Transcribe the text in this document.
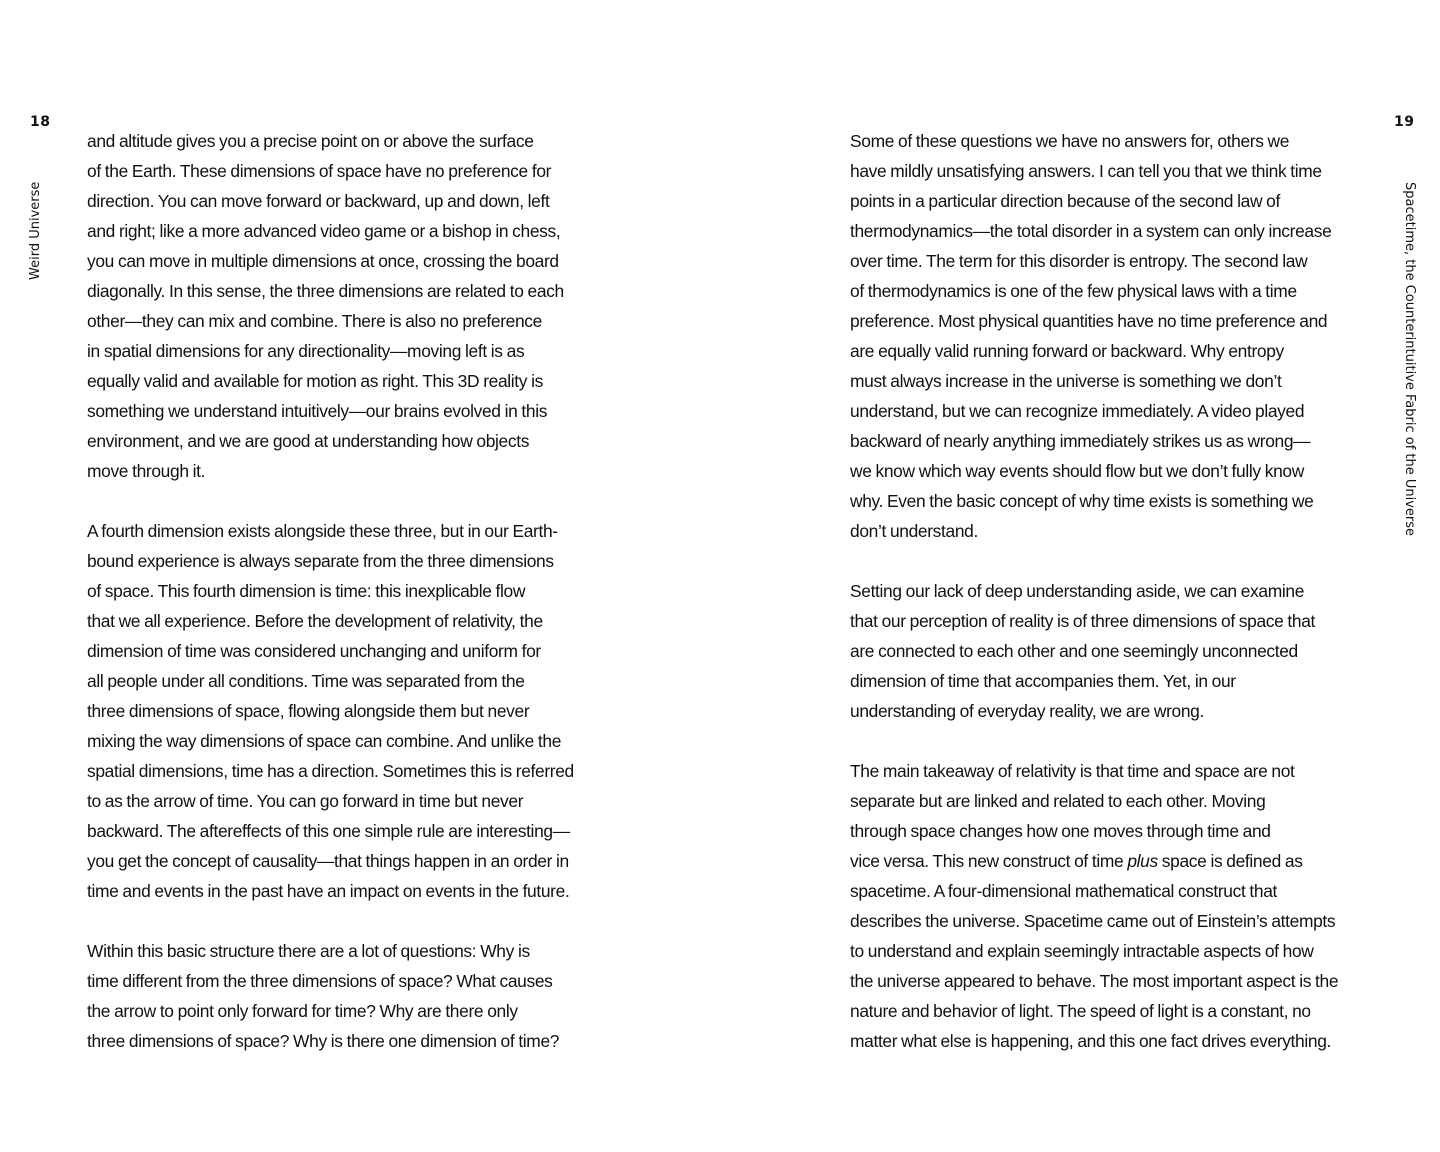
18
Weird Universe

and altitude gives you a precise point on or above the surface
of the Earth. These dimensions of space have no preference for
direction. You can move forward or backward, up and down, left
and right; like a more advanced video game or a bishop in chess,
you can move in multiple dimensions at once, crossing the board
diagonally. In this sense, the three dimensions are related to each
other—they can mix and combine. There is also no preference
in spatial dimensions for any directionality—moving left is as
equally valid and available for motion as right. This 3D reality is
something we understand intuitively—our brains evolved in this
environment, and we are good at understanding how objects
move through it.

A fourth dimension exists alongside these three, but in our Earth-
bound experience is always separate from the three dimensions
of space. This fourth dimension is time: this inexplicable flow
that we all experience. Before the development of relativity, the
dimension of time was considered unchanging and uniform for
all people under all conditions. Time was separated from the
three dimensions of space, flowing alongside them but never
mixing the way dimensions of space can combine. And unlike the
spatial dimensions, time has a direction. Sometimes this is referred
to as the arrow of time. You can go forward in time but never
backward. The aftereffects of this one simple rule are interesting—
you get the concept of causality—that things happen in an order in
time and events in the past have an impact on events in the future.

Within this basic structure there are a lot of questions: Why is
time different from the three dimensions of space? What causes
the arrow to point only forward for time? Why are there only
three dimensions of space? Why is there one dimension of time?

19
Spacetime, the Counterintuitive Fabric of the Universe

Some of these questions we have no answers for, others we
have mildly unsatisfying answers. I can tell you that we think time
points in a particular direction because of the second law of
thermodynamics—the total disorder in a system can only increase
over time. The term for this disorder is entropy. The second law
of thermodynamics is one of the few physical laws with a time
preference. Most physical quantities have no time preference and
are equally valid running forward or backward. Why entropy
must always increase in the universe is something we don’t
understand, but we can recognize immediately. A video played
backward of nearly anything immediately strikes us as wrong—
we know which way events should flow but we don’t fully know
why. Even the basic concept of why time exists is something we
don’t understand.

Setting our lack of deep understanding aside, we can examine
that our perception of reality is of three dimensions of space that
are connected to each other and one seemingly unconnected
dimension of time that accompanies them. Yet, in our
understanding of everyday reality, we are wrong.

The main takeaway of relativity is that time and space are not
separate but are linked and related to each other. Moving
through space changes how one moves through time and
vice versa. This new construct of time plus space is defined as
spacetime. A four-dimensional mathematical construct that
describes the universe. Spacetime came out of Einstein’s attempts
to understand and explain seemingly intractable aspects of how
the universe appeared to behave. The most important aspect is the
nature and behavior of light. The speed of light is a constant, no
matter what else is happening, and this one fact drives everything.
